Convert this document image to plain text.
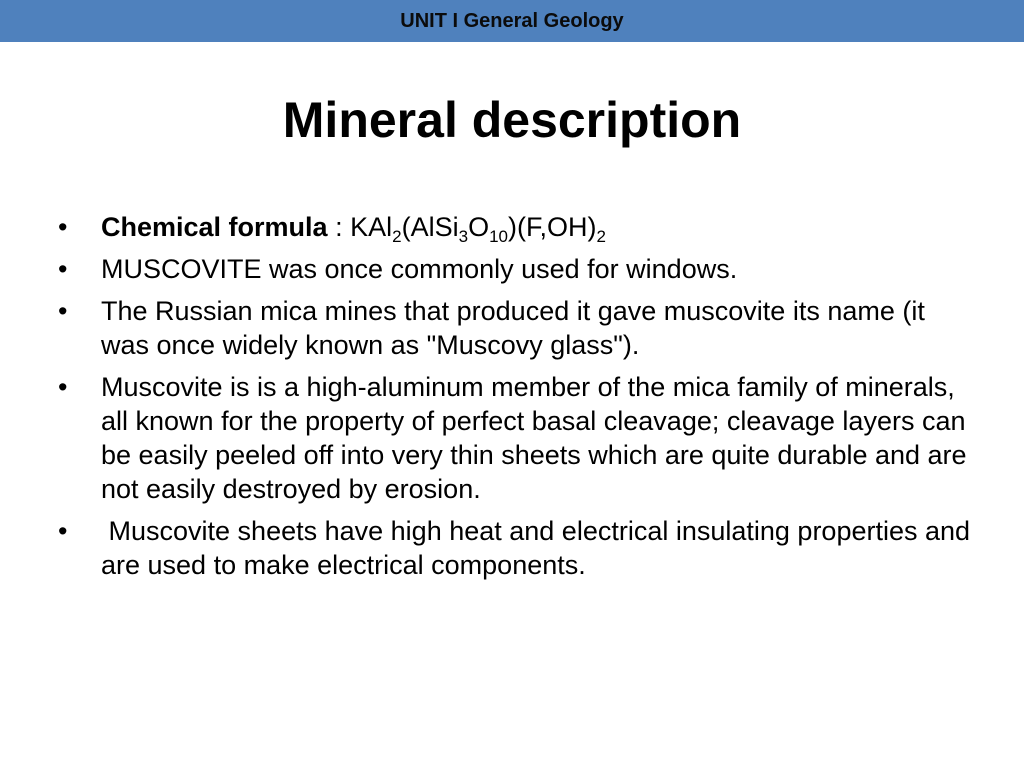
UNIT I General Geology
Mineral description
•	Chemical formula : $KAl_2(AlSi_3O_{10})(F,OH)_2$
•	MUSCOVITE was once commonly used for windows.
•	The Russian mica mines that produced it gave muscovite its name (it was once widely known as "Muscovy glass").
•	Muscovite is is a high-aluminum member of the mica family of minerals, all known for the property of perfect basal cleavage; cleavage layers can be easily peeled off into very thin sheets which are quite durable and are not easily destroyed by erosion.
•	Muscovite sheets have high heat and electrical insulating properties and are used to make electrical components.
